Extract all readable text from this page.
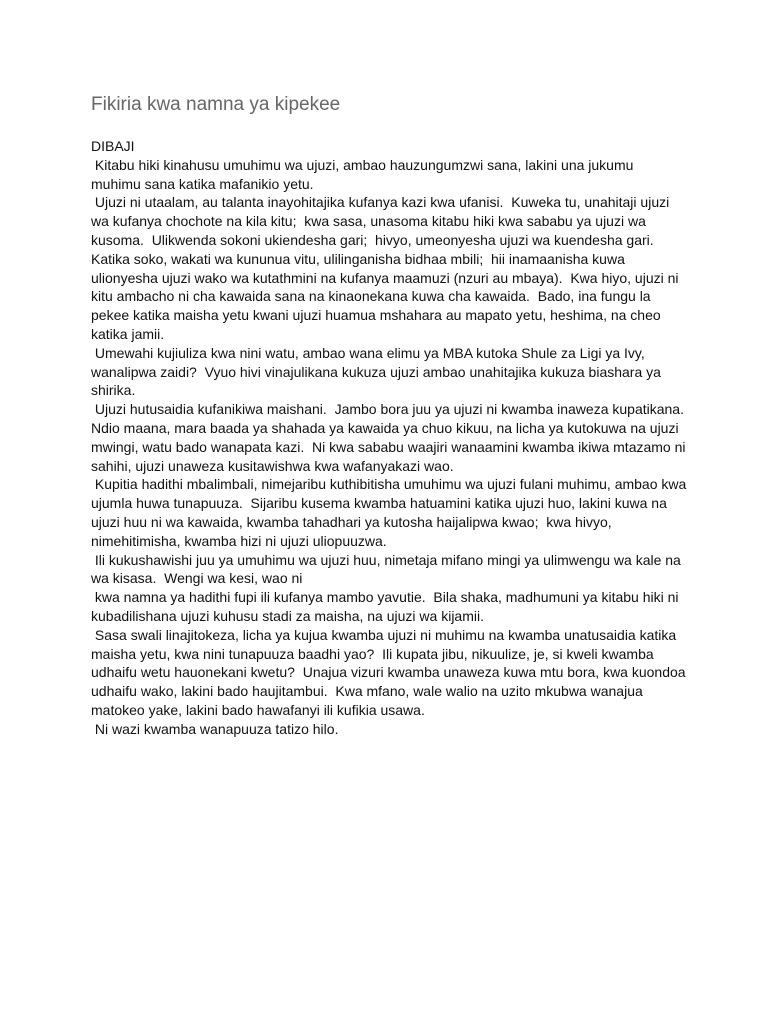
Fikiria kwa namna ya kipekee
DIBAJI
Kitabu hiki kinahusu umuhimu wa ujuzi, ambao hauzungumzwi sana, lakini una jukumu
muhimu sana katika mafanikio yetu.
Ujuzi ni utaalam, au talanta inayohitajika kufanya kazi kwa ufanisi.  Kuweka tu, unahitaji ujuzi
wa kufanya chochote na kila kitu;  kwa sasa, unasoma kitabu hiki kwa sababu ya ujuzi wa
kusoma.  Ulikwenda sokoni ukiendesha gari;  hivyo, umeonyesha ujuzi wa kuendesha gari.
Katika soko, wakati wa kununua vitu, ulilinganisha bidhaa mbili;  hii inamaanisha kuwa
ulionyesha ujuzi wako wa kutathmini na kufanya maamuzi (nzuri au mbaya).  Kwa hiyo, ujuzi ni
kitu ambacho ni cha kawaida sana na kinaonekana kuwa cha kawaida.  Bado, ina fungu la
pekee katika maisha yetu kwani ujuzi huamua mshahara au mapato yetu, heshima, na cheo
katika jamii.
Umewahi kujiuliza kwa nini watu, ambao wana elimu ya MBA kutoka Shule za Ligi ya Ivy,
wanalipwa zaidi?  Vyuo hivi vinajulikana kukuza ujuzi ambao unahitajika kukuza biashara ya
shirika.
Ujuzi hutusaidia kufanikiwa maishani.  Jambo bora juu ya ujuzi ni kwamba inaweza kupatikana.
Ndio maana, mara baada ya shahada ya kawaida ya chuo kikuu, na licha ya kutokuwa na ujuzi
mwingi, watu bado wanapata kazi.  Ni kwa sababu waajiri wanaamini kwamba ikiwa mtazamo ni
sahihi, ujuzi unaweza kusitawishwa kwa wafanyakazi wao.
Kupitia hadithi mbalimbali, nimejaribu kuthibitisha umuhimu wa ujuzi fulani muhimu, ambao kwa
ujumla huwa tunapuuza.  Sijaribu kusema kwamba hatuamini katika ujuzi huo, lakini kuwa na
ujuzi huu ni wa kawaida, kwamba tahadhari ya kutosha haijalipwa kwao;  kwa hivyo,
nimehitimisha, kwamba hizi ni ujuzi uliopuuzwa.
Ili kukushawishi juu ya umuhimu wa ujuzi huu, nimetaja mifano mingi ya ulimwengu wa kale na
wa kisasa.  Wengi wa kesi, wao ni
kwa namna ya hadithi fupi ili kufanya mambo yavutie.  Bila shaka, madhumuni ya kitabu hiki ni
kubadilishana ujuzi kuhusu stadi za maisha, na ujuzi wa kijamii.
Sasa swali linajitokeza, licha ya kujua kwamba ujuzi ni muhimu na kwamba unatusaidia katika
maisha yetu, kwa nini tunapuuza baadhi yao?  Ili kupata jibu, nikuulize, je, si kweli kwamba
udhaifu wetu hauonekani kwetu?  Unajua vizuri kwamba unaweza kuwa mtu bora, kwa kuondoa
udhaifu wako, lakini bado haujitambui.  Kwa mfano, wale walio na uzito mkubwa wanajua
matokeo yake, lakini bado hawafanyi ili kufikia usawa.
Ni wazi kwamba wanapuuza tatizo hilo.
